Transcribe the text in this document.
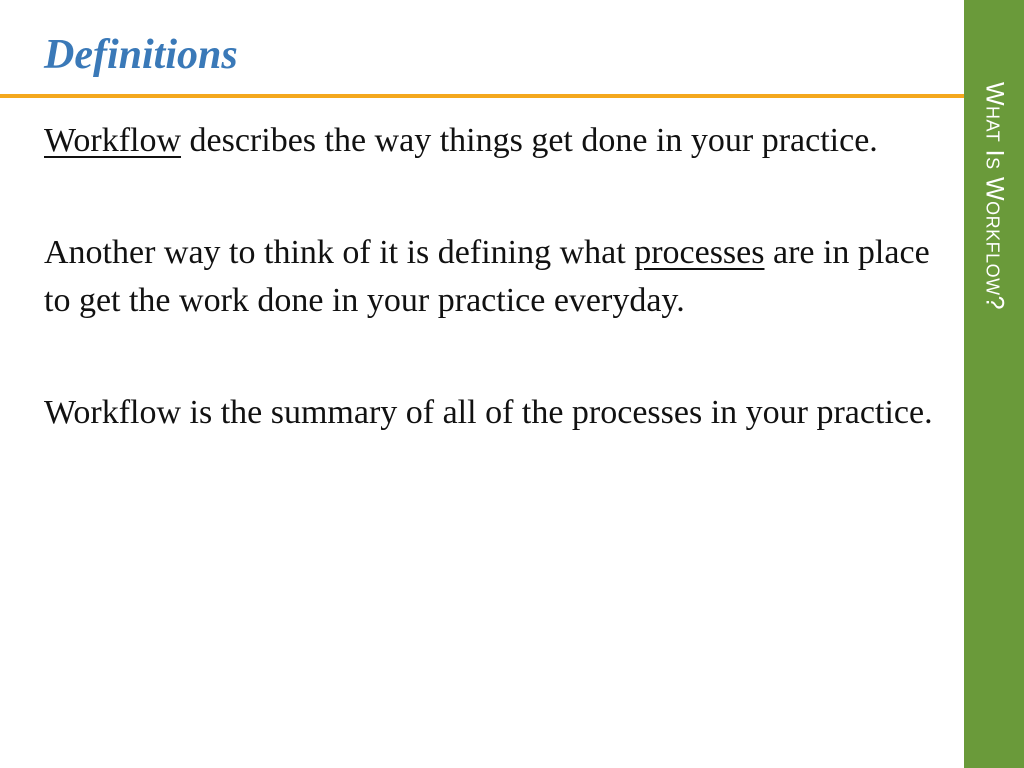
Definitions
What Is Workflow?

Workflow describes the way things get done in your practice.

Another way to think of it is defining what processes are in place to get the work done in your practice everyday.

Workflow is the summary of all of the processes in your practice.
